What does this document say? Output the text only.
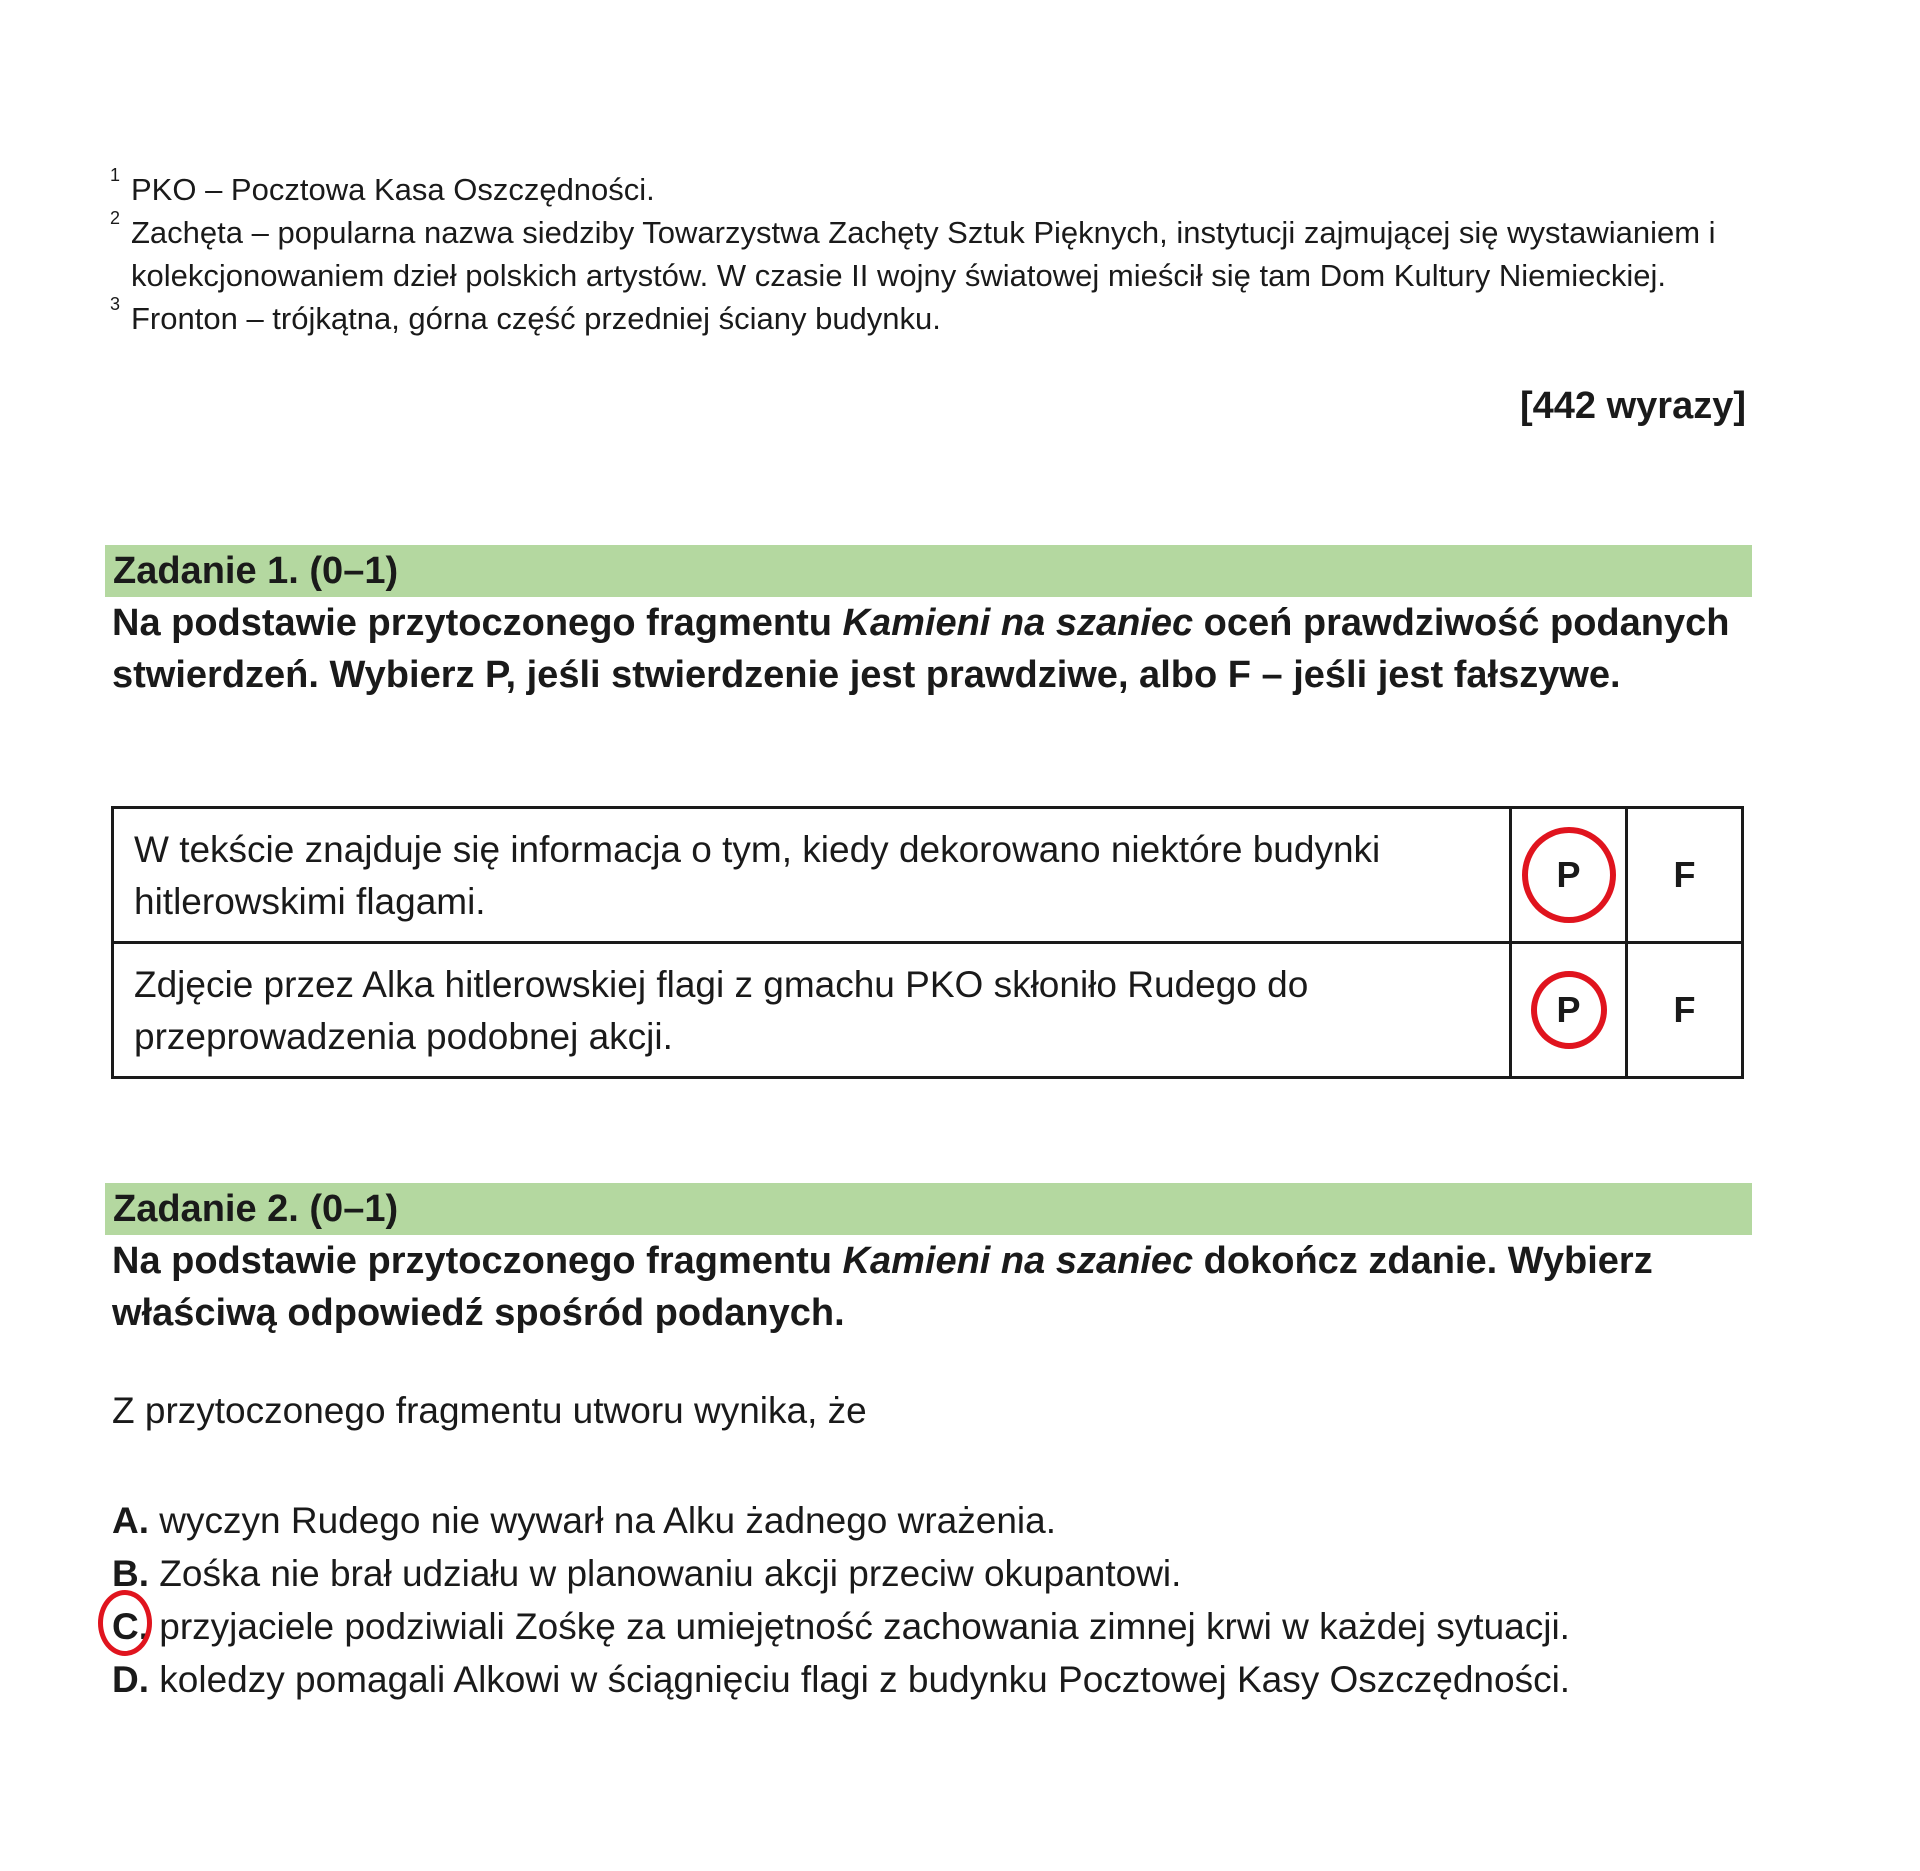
1 PKO – Pocztowa Kasa Oszczędności.
2 Zachęta – popularna nazwa siedziby Towarzystwa Zachęty Sztuk Pięknych, instytucji zajmującej się wystawianiem i kolekcjonowaniem dzieł polskich artystów. W czasie II wojny światowej mieścił się tam Dom Kultury Niemieckiej.
3 Fronton – trójkątna, górna część przedniej ściany budynku.
[442 wyrazy]
Zadanie 1. (0–1)
Na podstawie przytoczonego fragmentu Kamieni na szaniec oceń prawdziwość podanych stwierdzeń. Wybierz P, jeśli stwierdzenie jest prawdziwe, albo F – jeśli jest fałszywe.
W tekście znajduje się informacja o tym, kiedy dekorowano niektóre budynki hitlerowskimi flagami.	P	F
Zdjęcie przez Alka hitlerowskiej flagi z gmachu PKO skłoniło Rudego do przeprowadzenia podobnej akcji.	P	F
Zadanie 2. (0–1)
Na podstawie przytoczonego fragmentu Kamieni na szaniec dokończ zdanie. Wybierz właściwą odpowiedź spośród podanych.
Z przytoczonego fragmentu utworu wynika, że
A. wyczyn Rudego nie wywarł na Alku żadnego wrażenia.
B. Zośka nie brał udziału w planowaniu akcji przeciw okupantowi.
C. przyjaciele podziwiali Zośkę za umiejętność zachowania zimnej krwi w każdej sytuacji.
D. koledzy pomagali Alkowi w ściągnięciu flagi z budynku Pocztowej Kasy Oszczędności.
